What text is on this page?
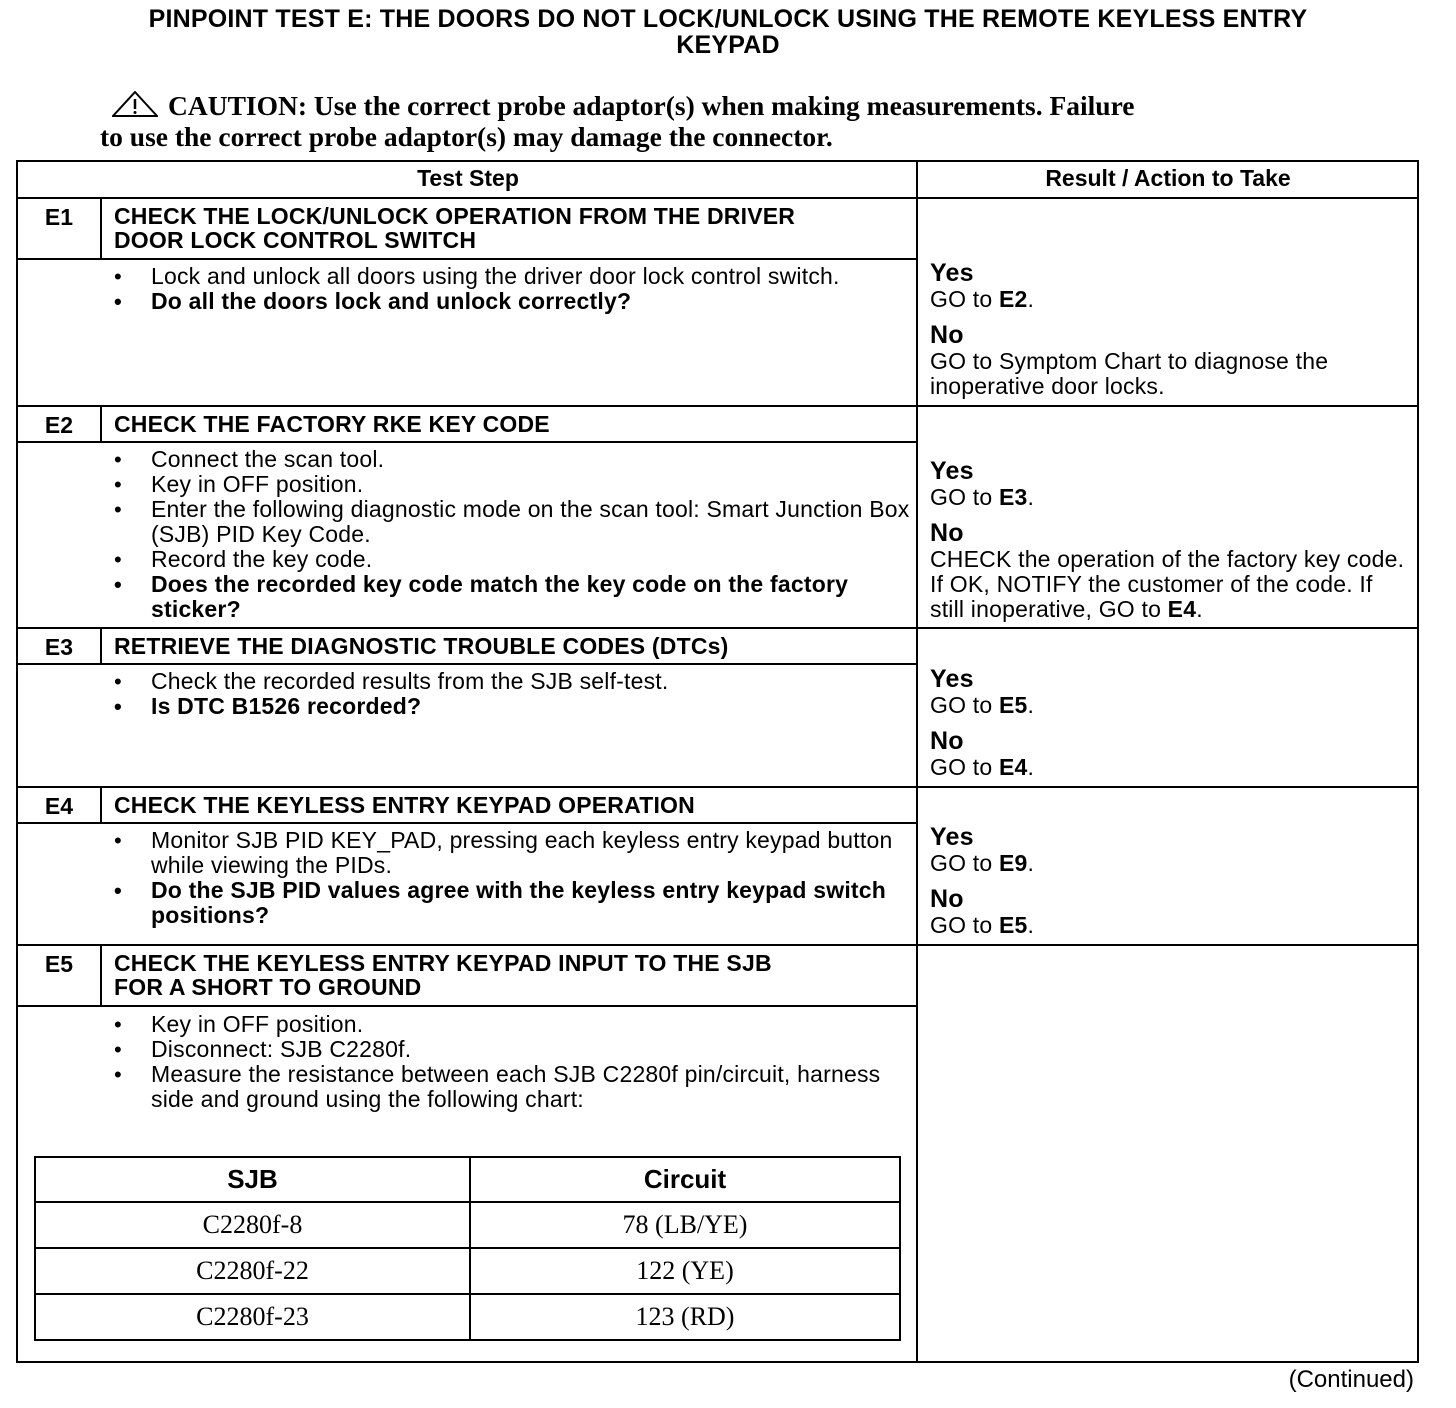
PINPOINT TEST E: THE DOORS DO NOT LOCK/UNLOCK USING THE REMOTE KEYLESS ENTRY
KEYPAD
CAUTION: Use the correct probe adaptor(s) when making measurements. Failure
to use the correct probe adaptor(s) may damage the connector.
Test Step	Result / Action to Take
E1	CHECK THE LOCK/UNLOCK OPERATION FROM THE DRIVER
DOOR LOCK CONTROL SWITCH
• Lock and unlock all doors using the driver door lock control switch.
• Do all the doors lock and unlock correctly?
Yes
GO to E2.
No
GO to Symptom Chart to diagnose the inoperative door locks.
E2	CHECK THE FACTORY RKE KEY CODE
• Connect the scan tool.
• Key in OFF position.
• Enter the following diagnostic mode on the scan tool: Smart Junction Box (SJB) PID Key Code.
• Record the key code.
• Does the recorded key code match the key code on the factory sticker?
Yes
GO to E3.
No
CHECK the operation of the factory key code. If OK, NOTIFY the customer of the code. If still inoperative, GO to E4.
E3	RETRIEVE THE DIAGNOSTIC TROUBLE CODES (DTCs)
• Check the recorded results from the SJB self-test.
• Is DTC B1526 recorded?
Yes
GO to E5.
No
GO to E4.
E4	CHECK THE KEYLESS ENTRY KEYPAD OPERATION
• Monitor SJB PID KEY_PAD, pressing each keyless entry keypad button while viewing the PIDs.
• Do the SJB PID values agree with the keyless entry keypad switch positions?
Yes
GO to E9.
No
GO to E5.
E5	CHECK THE KEYLESS ENTRY KEYPAD INPUT TO THE SJB
FOR A SHORT TO GROUND
• Key in OFF position.
• Disconnect: SJB C2280f.
• Measure the resistance between each SJB C2280f pin/circuit, harness side and ground using the following chart:
SJB	Circuit
C2280f-8	78 (LB/YE)
C2280f-22	122 (YE)
C2280f-23	123 (RD)
(Continued)
